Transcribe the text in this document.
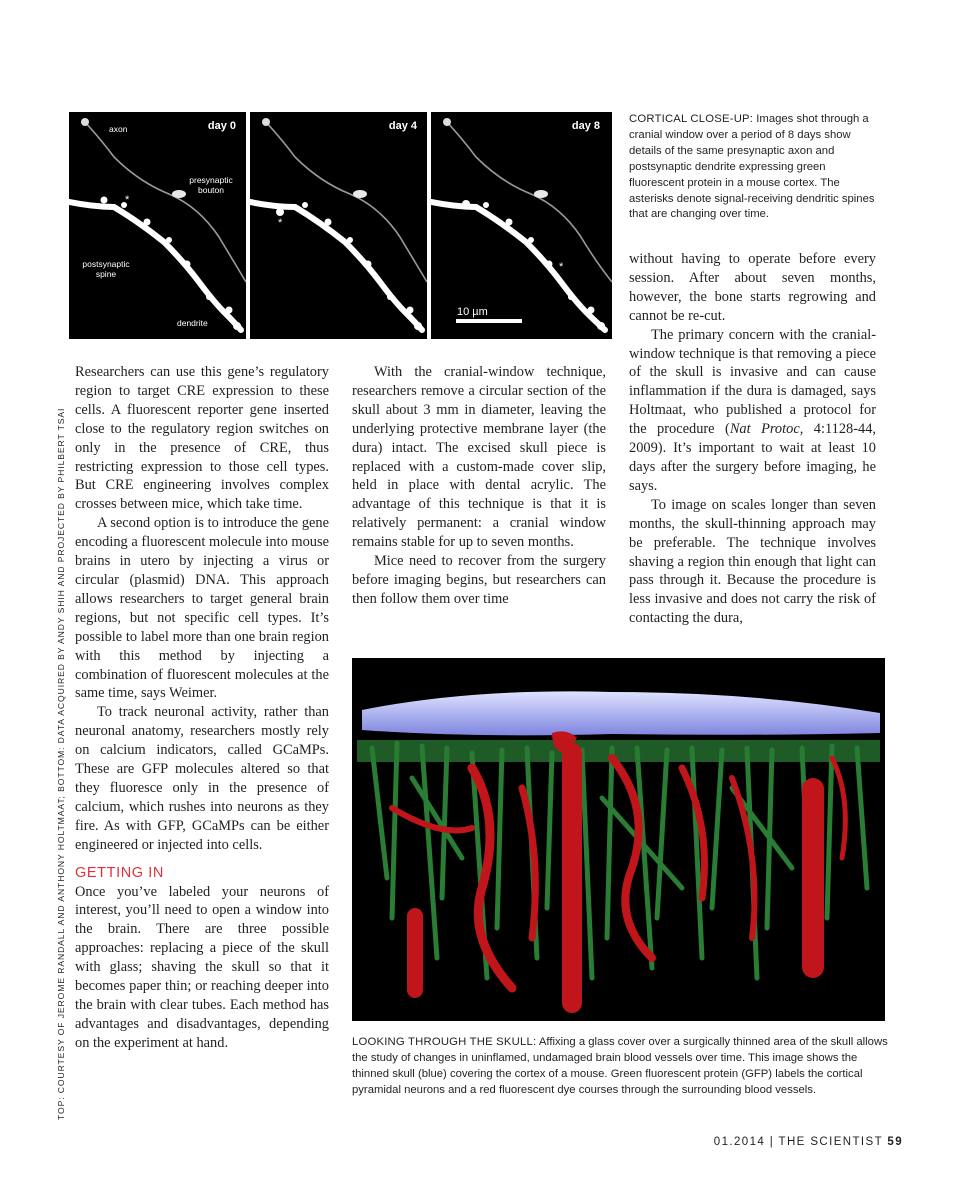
axon
presynaptic bouton
postsynaptic spine
dendrite
*
day 0
*
day 4
*
10 µm
day 8
CORTICAL CLOSE-UP: Images shot through a cranial window over a period of 8 days show details of the same presynaptic axon and postsynaptic dendrite expressing green fluorescent protein in a mouse cortex. The asterisks denote signal-receiving dendritic spines that are changing over time.
TOP: COURTESY OF JEROME RANDALL AND ANTHONY HOLTMAAT; BOTTOM: DATA ACQUIRED BY ANDY SHIH AND PROJECTED BY PHILBERT TSAI

Researchers can use this gene’s regulatory region to target CRE expression to these cells. A fluorescent reporter gene inserted close to the regulatory region switches on only in the presence of CRE, thus restricting expression to those cell types. But CRE engineering involves complex crosses between mice, which take time.

A second option is to introduce the gene encoding a fluorescent molecule into mouse brains in utero by injecting a virus or circular (plasmid) DNA. This approach allows researchers to target general brain regions, but not specific cell types. It’s possible to label more than one brain region with this method by injecting a combination of fluorescent molecules at the same time, says Weimer.

To track neuronal activity, rather than neuronal anatomy, researchers mostly rely on calcium indicators, called GCaMPs. These are GFP molecules altered so that they fluoresce only in the presence of calcium, which rushes into neurons as they fire. As with GFP, GCaMPs can be either engineered or injected into cells.

GETTING IN

Once you’ve labeled your neurons of interest, you’ll need to open a window into the brain. There are three possible approaches: replacing a piece of the skull with glass; shaving the skull so that it becomes paper thin; or reaching deeper into the brain with clear tubes. Each method has advantages and disadvantages, depending on the experiment at hand.

With the cranial-window technique, researchers remove a circular section of the skull about 3 mm in diameter, leaving the underlying protective membrane layer (the dura) intact. The excised skull piece is replaced with a custom-made cover slip, held in place with dental acrylic. The advantage of this technique is that it is relatively permanent: a cranial window remains stable for up to seven months.

Mice need to recover from the surgery before imaging begins, but researchers can then follow them over time

without having to operate before every session. After about seven months, however, the bone starts regrowing and cannot be re-cut.

The primary concern with the cranial-window technique is that removing a piece of the skull is invasive and can cause inflammation if the dura is damaged, says Holtmaat, who published a protocol for the procedure (Nat Protoc, 4:1128-44, 2009). It’s important to wait at least 10 days after the surgery before imaging, he says.

To image on scales longer than seven months, the skull-thinning approach may be preferable. The technique involves shaving a region thin enough that light can pass through it. Because the procedure is less invasive and does not carry the risk of contacting the dura,

LOOKING THROUGH THE SKULL: Affixing a glass cover over a surgically thinned area of the skull allows the study of changes in uninflamed, undamaged brain blood vessels over time. This image shows the thinned skull (blue) covering the cortex of a mouse. Green fluorescent protein (GFP) labels the cortical pyramidal neurons and a red fluorescent dye courses through the surrounding blood vessels.
01.2014 | THE SCIENTIST 59
